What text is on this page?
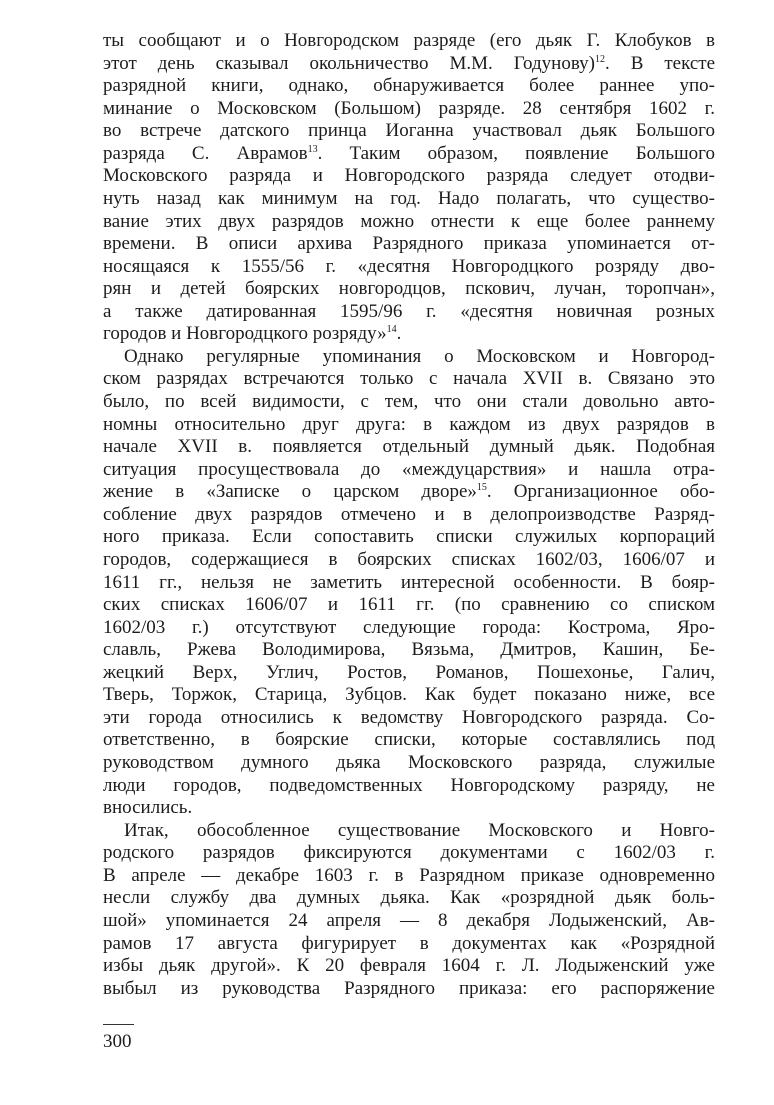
ты сообщают и о Новгородском разряде (его дьяк Г. Клобуков в
этот день сказывал окольничество М.М. Годунову)$^{12}$. В тексте
разрядной книги, однако, обнаруживается более раннее упо-
минание о Московском (Большом) разряде. 28 сентября 1602 г.
во встрече датского принца Иоганна участвовал дьяк Большого
разряда С. Аврамов$^{13}$. Таким образом, появление Большого
Московского разряда и Новгородского разряда следует отодви-
нуть назад как минимум на год. Надо полагать, что существо-
вание этих двух разрядов можно отнести к еще более раннему
времени. В описи архива Разрядного приказа упоминается от-
носящаяся к 1555/56 г. «десятня Новгородцкого розряду дво-
рян и детей боярских новгородцов, пскович, лучан, торопчан»,
а также датированная 1595/96 г. «десятня новичная розных
городов и Новгородцкого розряду»$^{14}$.
Однако регулярные упоминания о Московском и Новгород-
ском разрядах встречаются только с начала XVII в. Связано это
было, по всей видимости, с тем, что они стали довольно авто-
номны относительно друг друга: в каждом из двух разрядов в
начале XVII в. появляется отдельный думный дьяк. Подобная
ситуация просуществовала до «междуцарствия» и нашла отра-
жение в «Записке о царском дворе»$^{15}$. Организационное обо-
собление двух разрядов отмечено и в делопроизводстве Разряд-
ного приказа. Если сопоставить списки служилых корпораций
городов, содержащиеся в боярских списках 1602/03, 1606/07 и
1611 гг., нельзя не заметить интересной особенности. В бояр-
ских списках 1606/07 и 1611 гг. (по сравнению со списком
1602/03 г.) отсутствуют следующие города: Кострома, Яро-
славль, Ржева Володимирова, Вязьма, Дмитров, Кашин, Бе-
жецкий Верх, Углич, Ростов, Романов, Пошехонье, Галич,
Тверь, Торжок, Старица, Зубцов. Как будет показано ниже, все
эти города относились к ведомству Новгородского разряда. Со-
ответственно, в боярские списки, которые составлялись под
руководством думного дьяка Московского разряда, служилые
люди городов, подведомственных Новгородскому разряду, не
вносились.
Итак, обособленное существование Московского и Новго-
родского разрядов фиксируются документами с 1602/03 г.
В апреле — декабре 1603 г. в Разрядном приказе одновременно
несли службу два думных дьяка. Как «розрядной дьяк боль-
шой» упоминается 24 апреля — 8 декабря Лодыженский, Ав-
рамов 17 августа фигурирует в документах как «Розрядной
избы дьяк другой». К 20 февраля 1604 г. Л. Лодыженский уже
выбыл из руководства Разрядного приказа: его распоряжение
300
